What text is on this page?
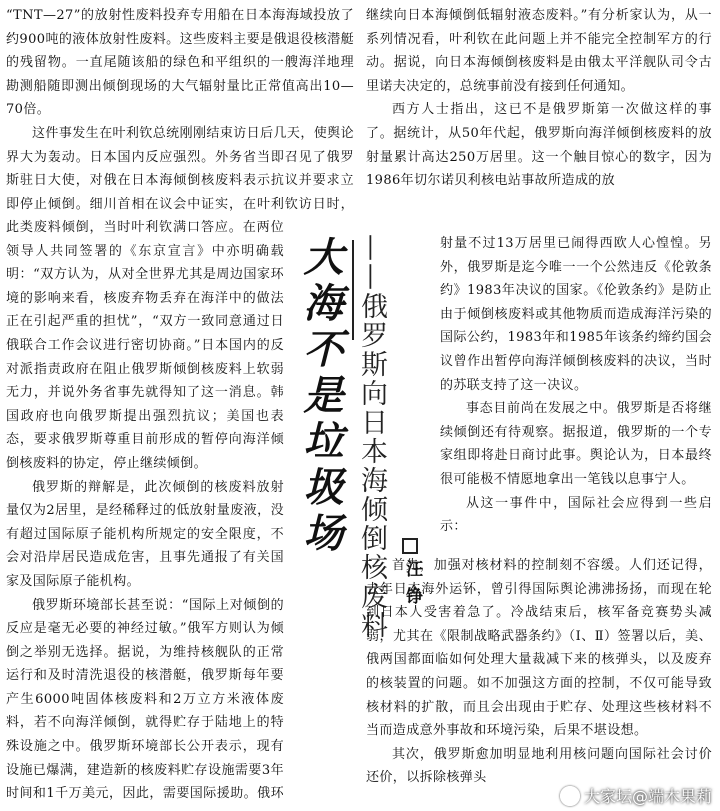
“TNT—27”的放射性废料投弃专用船在日本海海域投放了约900吨的液体放射性废料。这些废料主要是俄退役核潜艇的残留物。一直尾随该船的绿色和平组织的一艘海洋地理勘测船随即测出倾倒现场的大气辐射量比正常值高出10—70倍。

这件事发生在叶利钦总统刚刚结束访日后几天，使舆论界大为轰动。日本国内反应强烈。外务省当即召见了俄罗斯驻日大使，对俄在日本海倾倒核废料表示抗议并要求立即停止倾倒。细川首相在议会中证实，在叶利钦访日时，

此类废料倾倒，当时叶利钦满口答应。在两位领导人共同签署的《东京宣言》中亦明确载明：“双方认为，从对全世界尤其是周边国家环境的影响来看，核废弃物丢弃在海洋中的做法正在引起严重的担忧”，“双方一致同意通过日俄联合工作会议进行密切协商。”日本国内的反对派指责政府在阻止俄罗斯倾倒核废料上软弱无力，并说外务省事先就得知了这一消息。韩国政府也向俄罗斯提出强烈抗议；美国也表态，要求俄罗斯尊重目前形成的暂停向海洋倾倒核废料的协定，停止继续倾倒。

俄罗斯的辩解是，此次倾倒的核废料放射量仅为2居里，是经稀释过的低放射量废液，没有超过国际原子能机构所规定的安全限度，不会对沿岸居民造成危害，且事先通报了有关国家及国际原子能机构。

俄罗斯环境部长甚至说：“国际上对倾倒的反应是毫无必要的神经过敏。”俄军方则认为倾倒之举别无选择。据说，为维持核舰队的正常运行和及时清洗退役的核潜艇，俄罗斯每年要产生6000吨固体核废料和2万立方米液体废料，若不向海洋倾倒，就得贮存于陆地上的特殊设施之中。俄罗斯环境部长公开表示，现有设施已爆满，建造新的核废料贮存设施需要3年时间和1千万美元，因此，需要国际援助。俄环

大海不是垃圾场 ——俄罗斯向日本海倾倒核废料 汪铮

继续向日本海倾倒低辐射液态废料。”有分析家认为，从一系列情况看，叶利钦在此问题上并不能完全控制军方的行动。据说，向日本海倾倒核废料是由俄太平洋舰队司令古里诺夫决定的，总统事前没有接到任何通知。

西方人士指出，这已不是俄罗斯第一次做这样的事了。据统计，从50年代起，俄罗斯向海洋倾倒核废料的放射量累计高达250万居里。这一个触目惊心的数字，因为1986年切尔诺贝利核电站事故所造成的放

射量不过13万居里已闹得西欧人心惶惶。另外，俄罗斯是迄今唯一一个公然违反《伦敦条约》1983年决议的国家。《伦敦条约》是防止由于倾倒核废料或其他物质而造成海洋污染的国际公约，1983年和1985年该条约缔约国会议曾作出暂停向海洋倾倒核废料的决议，当时的苏联支持了这一决议。

事态目前尚在发展之中。俄罗斯是否将继续倾倒还有待观察。据报道，俄罗斯的一个专家组即将赴日商讨此事。舆论认为，日本最终很可能极不情愿地拿出一笔钱以息事宁人。

从这一事件中，国际社会应得到一些启示：

首先，加强对核材料的控制刻不容缓。人们还记得，去年日本海外运钚，曾引得国际舆论沸沸扬扬，而现在轮到日本人受害着急了。冷战结束后，核军备竞赛势头减弱，尤其在《限制战略武器条约》（Ⅰ、Ⅱ）签署以后，美、俄两国都面临如何处理大量裁减下来的核弹头，以及废弃的核装置的问题。如不加强这方面的控制，不仅可能导致核材料的扩散，而且会出现由于贮存、处理这些核材料不当而造成意外事故和环境污染，后果不堪设想。

其次，俄罗斯愈加明显地利用核问题向国际社会讨价还价，以拆除核弹头

大家坛@端木果莉
